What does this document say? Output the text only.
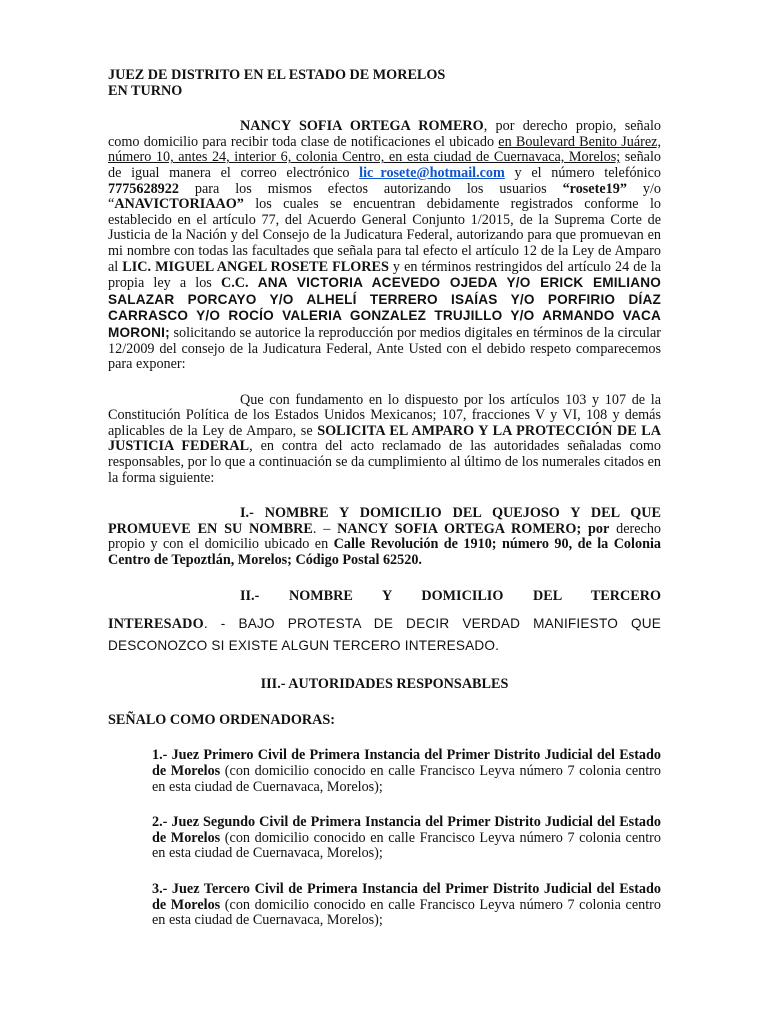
JUEZ DE DISTRITO EN EL ESTADO DE MORELOS
EN TURNO

NANCY SOFIA ORTEGA ROMERO, por derecho propio, señalo como domicilio para recibir toda clase de notificaciones el ubicado en Boulevard Benito Juárez, número 10, antes 24, interior 6, colonia Centro, en esta ciudad de Cuernavaca, Morelos; señalo de igual manera el correo electrónico lic_rosete@hotmail.com y el número telefónico 7775628922 para los mismos efectos autorizando los usuarios “rosete19” y/o “ANAVICTORIAAO” los cuales se encuentran debidamente registrados conforme lo establecido en el artículo 77, del Acuerdo General Conjunto 1/2015, de la Suprema Corte de Justicia de la Nación y del Consejo de la Judicatura Federal, autorizando para que promuevan en mi nombre con todas las facultades que señala para tal efecto el artículo 12 de la Ley de Amparo al LIC. MIGUEL ANGEL ROSETE FLORES y en términos restringidos del artículo 24 de la propia ley a los C.C. ANA VICTORIA ACEVEDO OJEDA Y/O ERICK EMILIANO SALAZAR PORCAYO Y/O ALHELÍ TERRERO ISAÍAS Y/O PORFIRIO DÍAZ CARRASCO Y/O ROCÍO VALERIA GONZALEZ TRUJILLO Y/O ARMANDO VACA MORONI; solicitando se autorice la reproducción por medios digitales en términos de la circular 12/2009 del consejo de la Judicatura Federal, Ante Usted con el debido respeto comparecemos para exponer:

Que con fundamento en lo dispuesto por los artículos 103 y 107 de la Constitución Política de los Estados Unidos Mexicanos; 107, fracciones V y VI, 108 y demás aplicables de la Ley de Amparo, se SOLICITA EL AMPARO Y LA PROTECCIÓN DE LA JUSTICIA FEDERAL, en contra del acto reclamado de las autoridades señaladas como responsables, por lo que a continuación se da cumplimiento al último de los numerales citados en la forma siguiente:

I.- NOMBRE Y DOMICILIO DEL QUEJOSO Y DEL QUE PROMUEVE EN SU NOMBRE. – NANCY SOFIA ORTEGA ROMERO; por derecho propio y con el domicilio ubicado en Calle Revolución de 1910; número 90, de la Colonia Centro de Tepoztlán, Morelos; Código Postal 62520.

II.- NOMBRE Y DOMICILIO DEL TERCERO

INTERESADO. - BAJO PROTESTA DE DECIR VERDAD MANIFIESTO QUE DESCONOZCO SI EXISTE ALGUN TERCERO INTERESADO.

III.- AUTORIDADES RESPONSABLES

SEÑALO COMO ORDENADORAS:

1.- Juez Primero Civil de Primera Instancia del Primer Distrito Judicial del Estado de Morelos (con domicilio conocido en calle Francisco Leyva número 7 colonia centro en esta ciudad de Cuernavaca, Morelos);

2.- Juez Segundo Civil de Primera Instancia del Primer Distrito Judicial del Estado de Morelos (con domicilio conocido en calle Francisco Leyva número 7 colonia centro en esta ciudad de Cuernavaca, Morelos);

3.- Juez Tercero Civil de Primera Instancia del Primer Distrito Judicial del Estado de Morelos (con domicilio conocido en calle Francisco Leyva número 7 colonia centro en esta ciudad de Cuernavaca, Morelos);
